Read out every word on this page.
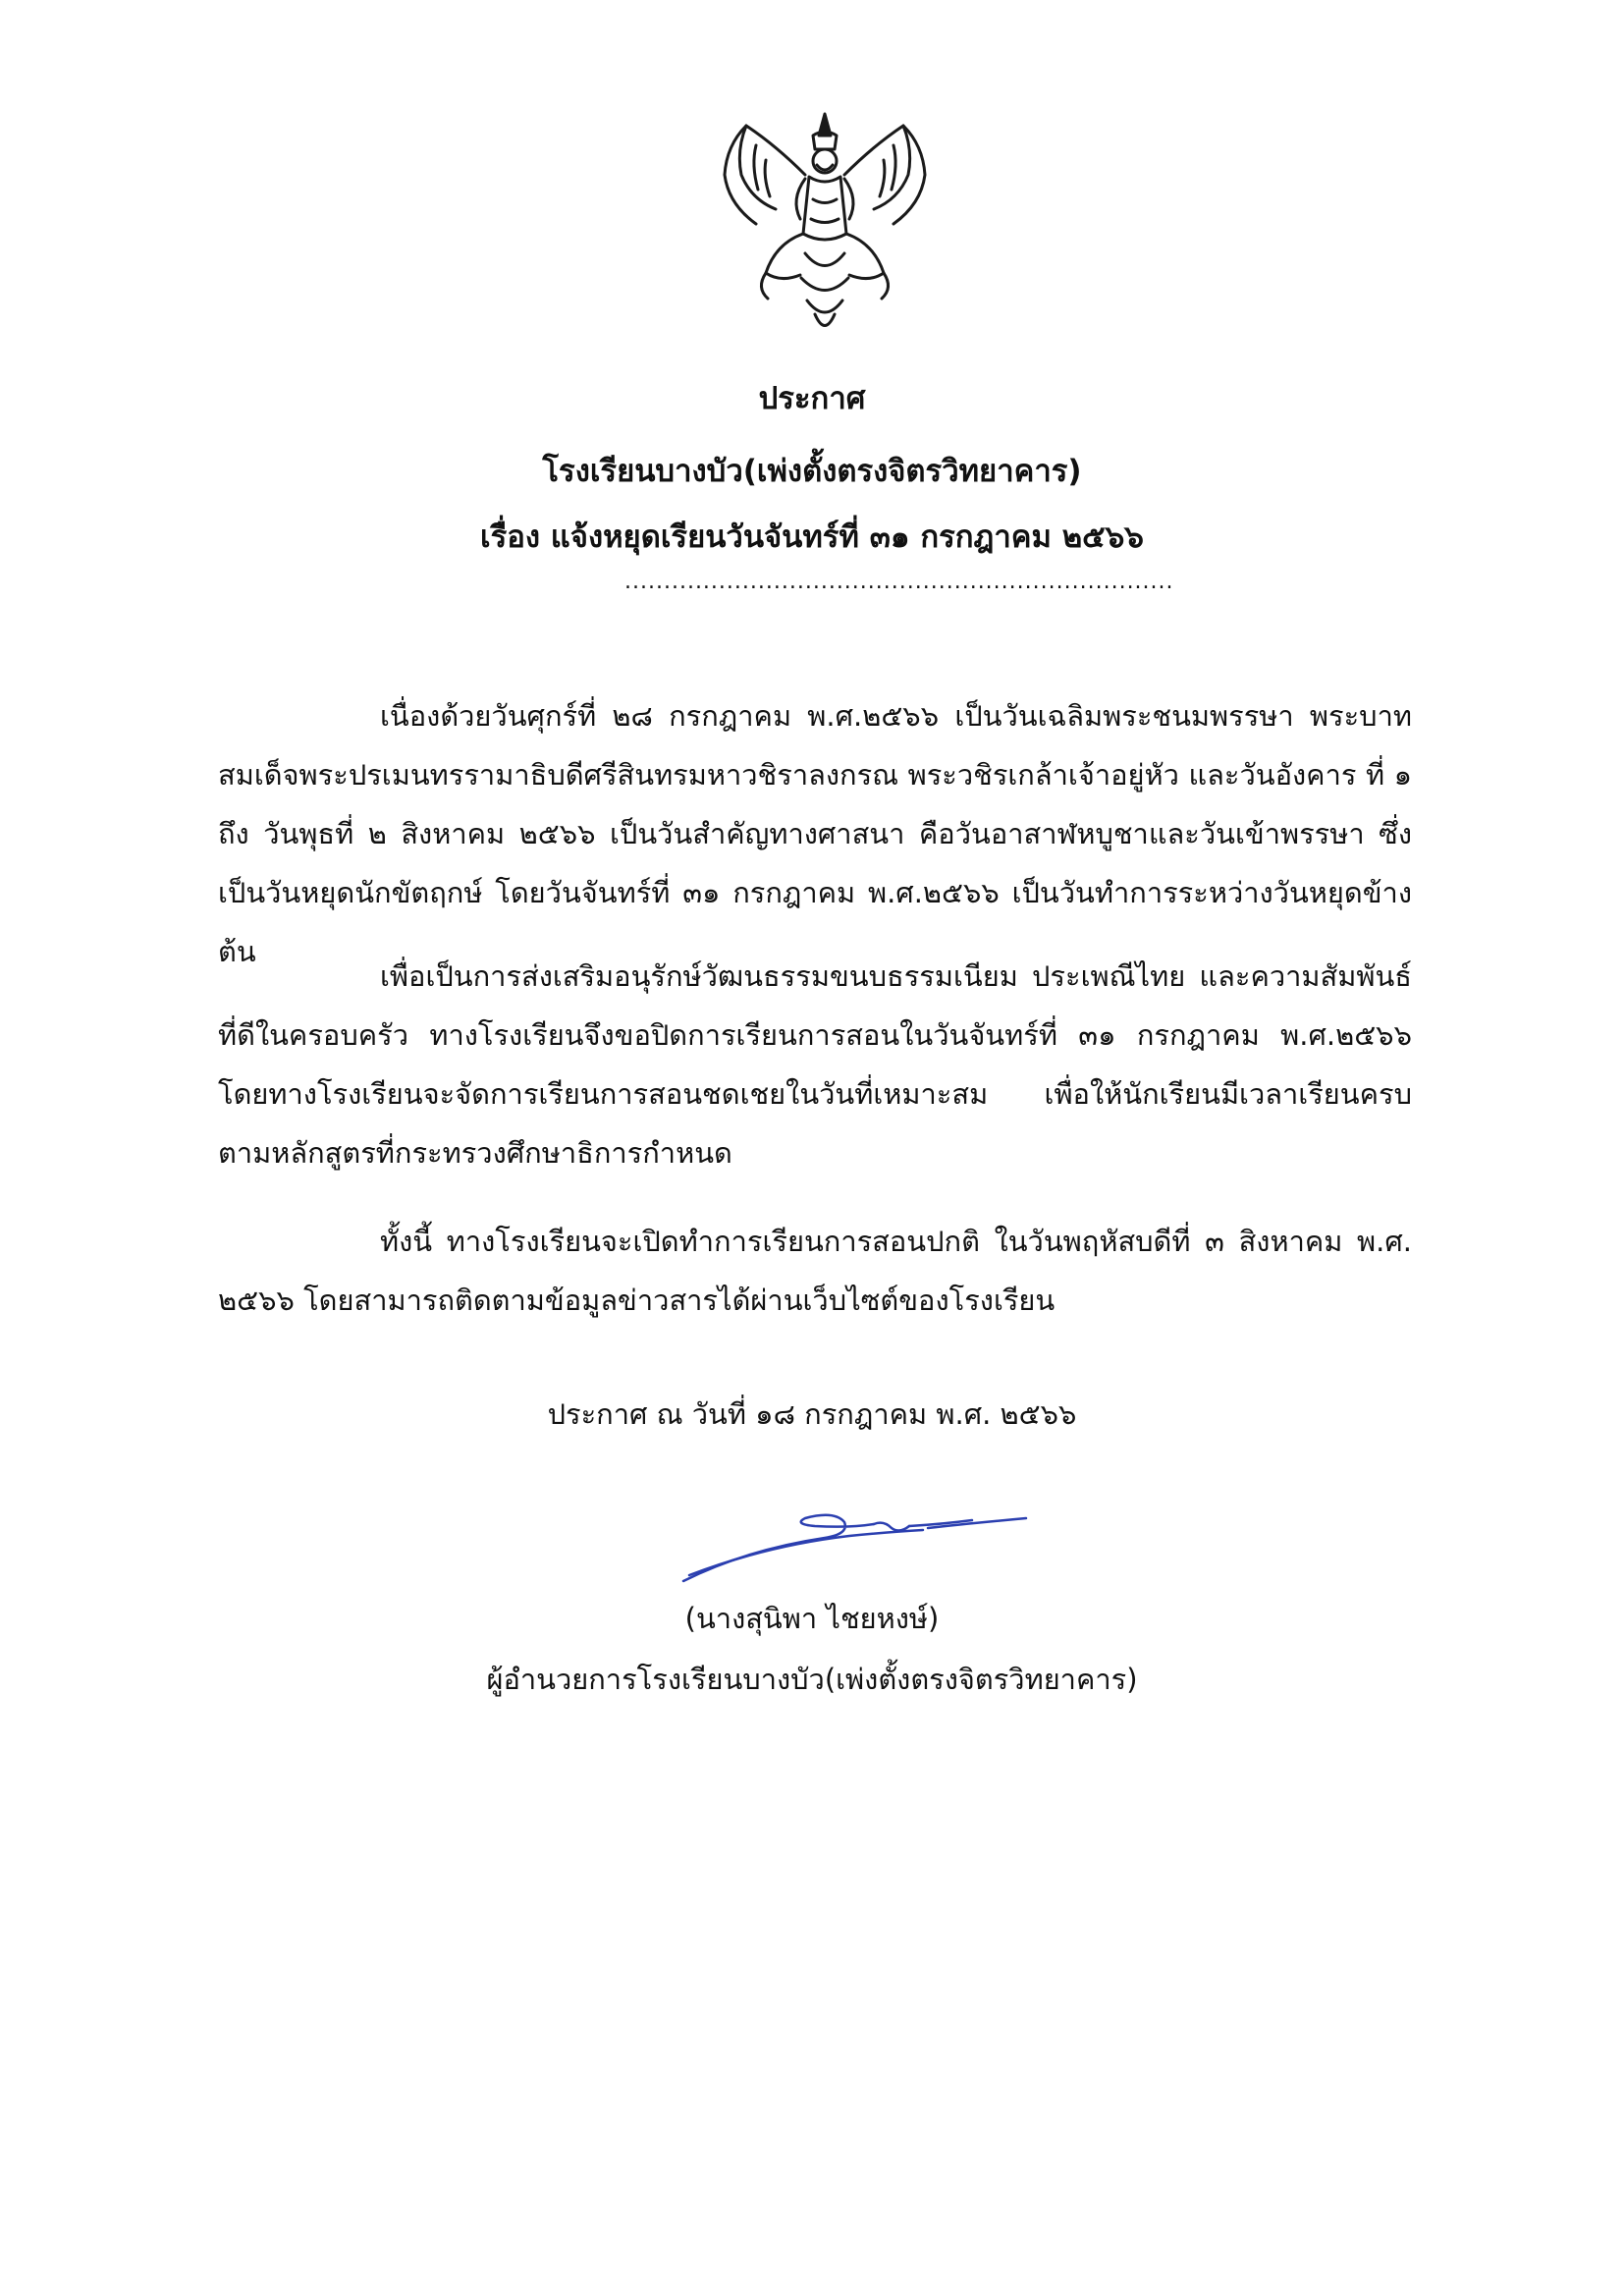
ประกาศ
โรงเรียนบางบัว(เพ่งตั้งตรงจิตรวิทยาคาร)
เรื่อง แจ้งหยุดเรียนวันจันทร์ที่ ๓๑ กรกฎาคม ๒๕๖๖
......................................................................

เนื่องด้วยวันศุกร์ที่ ๒๘ กรกฎาคม พ.ศ.๒๕๖๖ เป็นวันเฉลิมพระชนมพรรษา พระบาทสมเด็จพระปรเมนทรรามาธิบดีศรีสินทรมหาวชิราลงกรณ พระวชิรเกล้าเจ้าอยู่หัว และวันอังคาร ที่ ๑ ถึง วันพุธที่ ๒ สิงหาคม ๒๕๖๖ เป็นวันสำคัญทางศาสนา คือวันอาสาฬหบูชาและวันเข้าพรรษา ซึ่งเป็นวันหยุดนักขัตฤกษ์ โดยวันจันทร์ที่ ๓๑ กรกฎาคม พ.ศ.๒๕๖๖ เป็นวันทำการระหว่างวันหยุดข้างต้น

เพื่อเป็นการส่งเสริมอนุรักษ์วัฒนธรรมขนบธรรมเนียม ประเพณีไทย และความสัมพันธ์ที่ดีในครอบครัว ทางโรงเรียนจึงขอปิดการเรียนการสอนในวันจันทร์ที่ ๓๑ กรกฎาคม พ.ศ.๒๕๖๖ โดยทางโรงเรียนจะจัดการเรียนการสอนชดเชยในวันที่เหมาะสม เพื่อให้นักเรียนมีเวลาเรียนครบตามหลักสูตรที่กระทรวงศึกษาธิการกำหนด

ทั้งนี้ ทางโรงเรียนจะเปิดทำการเรียนการสอนปกติ ในวันพฤหัสบดีที่ ๓ สิงหาคม พ.ศ. ๒๕๖๖ โดยสามารถติดตามข้อมูลข่าวสารได้ผ่านเว็บไซต์ของโรงเรียน

ประกาศ ณ วันที่ ๑๘ กรกฎาคม พ.ศ. ๒๕๖๖
(นางสุนิพา ไชยหงษ์)
ผู้อำนวยการโรงเรียนบางบัว(เพ่งตั้งตรงจิตรวิทยาคาร)
